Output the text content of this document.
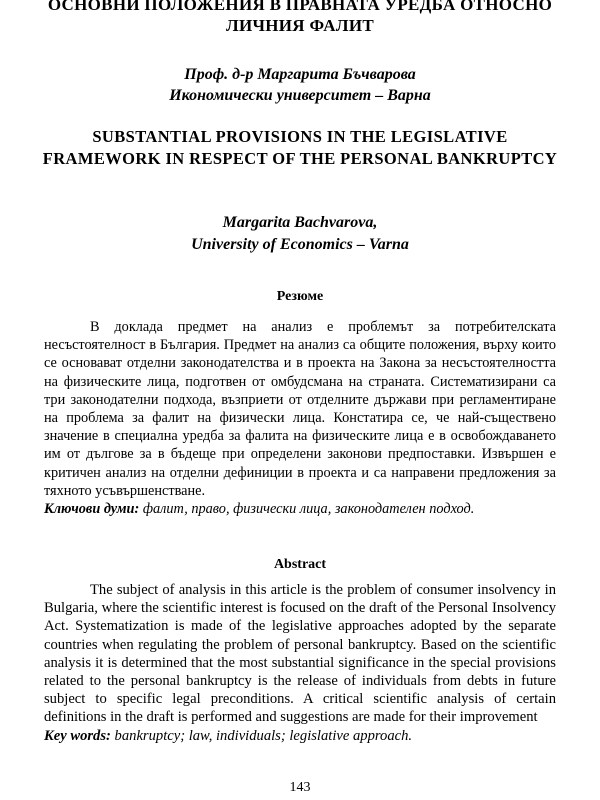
ОСНОВНИ ПОЛОЖЕНИЯ В ПРАВНАТА УРЕДБА ОТНОСНО ЛИЧНИЯ ФАЛИТ
Проф. д-р Маргарита Бъчварова
Икономически университет – Варна
SUBSTANTIAL PROVISIONS IN THE LEGISLATIVE FRAMEWORK IN RESPECT OF THE PERSONAL BANKRUPTCY
Margarita Bachvarova,
University of Economics – Varna
Резюме
В доклада предмет на анализ е проблемът за потребителската несъстоятелност в България. Предмет на анализ са общите положения, върху които се основават отделни законодателства и в проекта на Закона за несъстоятелността на физическите лица, подготвен от омбудсмана на страната. Систематизирани са три законодателни подхода, възприети от отделните държави при регламентиране на проблема за фалит на физически лица. Констатира се, че най-съществено значение в специална уредба за фалита на физическите лица е в освобождаването им от дългове за в бъдеще при определени законови предпоставки. Извършен е критичен анализ на отделни дефиниции в проекта и са направени предложения за тяхното усъвършенстване.
Ключови думи: фалит, право, физически лица, законодателен подход.
Abstract
The subject of analysis in this article is the problem of consumer insolvency in Bulgaria, where the scientific interest is focused on the draft of the Personal Insolvency Act. Systematization is made of the legislative approaches adopted by the separate countries when regulating the problem of personal bankruptcy. Based on the scientific analysis it is determined that the most substantial significance in the special provisions related to the personal bankruptcy is the release of individuals from debts in future subject to specific legal preconditions. A critical scientific analysis of certain definitions in the draft is performed and suggestions are made for their improvement
Key words: bankruptcy; law, individuals; legislative approach.
143
